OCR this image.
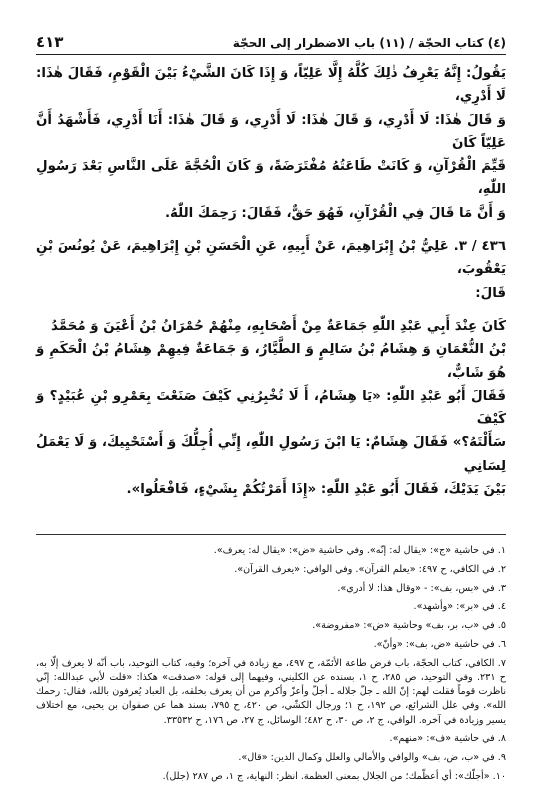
(٤) كتاب الحجّة / (١١) باب الاضطرار إلى الحجّة
٤١٣

يَقُولُ: إِنَّهُ يَعْرِفُ ذٰلِكَ كُلَّهُ إِلَّا عَلِيّاً، وَ إِذَا كَانَ الشَّيْءُ بَيْنَ الْقَوْمِ، فَقَالَ هٰذَا: لَا أَدْرِي،

وَ قَالَ هٰذَا: لَا أَدْرِي، وَ قَالَ هٰذَا: لَا أَدْرِي، وَ قَالَ هٰذَا: أَنَا أَدْرِي، فَأَشْهَدُ أَنَّ عَلِيّاً كَانَ

قَيِّمَ الْقُرْآنِ، وَ كَانَتْ طَاعَتُهُ مُفْتَرَضَةً، وَ كَانَ الْحُجَّةَ عَلَى النَّاسِ بَعْدَ رَسُولِ اللّٰهِ،

وَ أَنَّ مَا قَالَ فِي الْقُرْآنِ، فَهُوَ حَقٌّ، فَقَالَ: رَحِمَكَ اللّٰهُ.

٤٣٦ / ٣. عَلِيُّ بْنُ إِبْرَاهِيمَ، عَنْ أَبِيهِ، عَنِ الْحَسَنِ بْنِ إِبْرَاهِيمَ، عَنْ يُونُسَ بْنِ يَعْقُوبَ،

قَالَ:

كَانَ عِنْدَ أَبِي عَبْدِ اللّٰهِ جَمَاعَةٌ مِنْ أَصْحَابِهِ، مِنْهُمْ حُمْرَانُ بْنُ أَعْيَنَ وَ مُحَمَّدُ

بْنُ النُّعْمَانِ وَ هِشَامُ بْنُ سَالِمٍ وَ الطَّيَّارُ، وَ جَمَاعَةٌ فِيهِمْ هِشَامُ بْنُ الْحَكَمِ وَ هُوَ شَابٌّ،

فَقَالَ أَبُو عَبْدِ اللّٰهِ: «يَا هِشَامُ، أَ لَا تُخْبِرُنِي كَيْفَ صَنَعْتَ بِعَمْرِو بْنِ عُبَيْدٍ؟ وَ كَيْفَ

سَأَلْتَهُ؟» فَقَالَ هِشَامٌ: يَا ابْنَ رَسُولِ اللّٰهِ، إِنِّي أُجِلُّكَ وَ أَسْتَحْيِيكَ، وَ لَا يَعْمَلُ لِسَانِي

بَيْنَ يَدَيْكَ، فَقَالَ أَبُو عَبْدِ اللّٰهِ: «إِذَا أَمَرْتُكُمْ بِشَيْءٍ، فَافْعَلُوا».

١. في حاشية «ج»: «يقال له: إنّه». وفي حاشية «ض»: «يقال له: يعرف».

٢. في الكافي، ح ٤٩٧: «يعلم القرآن». وفي الوافي: «يعرف القرآن».

٣. في «بس، بف»: - «وقال هذا: لا أدري».

٤. في «بر»: «وأشهد».

٥. في «ب، بر، بف» وحاشية «ض»: «مفروضة».

٦. في حاشية «ض، بف»: «وأنّ».

٧. الكافي، كتاب الحجّة، باب فرض طاعة الأئمّة، ح ٤٩٧، مع زيادة في آخره؛ وفيه، كتاب التوحيد، باب أنّه لا يعرف إلّا به، ح ٢٣١. وفي التوحيد، ص ٢٨٥، ح ١، بسنده عن الكليني، وفيهما إلى قوله: «صدقت» هكذا: «قلت لأبي عبدالله: إنّي ناظرت قوماً فقلت لهم: إنّ الله ـ جلّ جلاله ـ أجلّ وأعزّ وأكرم من أن يعرف بخلقه، بل العباد يُعرفون بالله، فقال: رحمك الله». وفي علل الشرائع، ص ١٩٢، ح ١؛ ورجال الكشّي، ص ٤٢٠، ح ٧٩٥، بسند هما عن صفوان بن يحيى، مع اختلاف يسير وزيادة في آخره. الوافي، ج ٢، ص ٣٠، ح ٤٨٢؛ الوسائل، ج ٢٧، ص ١٧٦، ح ٣٣٥٣٢.

٨. في حاشية «ف»: «منهم».

٩. في «ب، ض، بف» والوافي والأمالي والعلل وكمال الدين: «قال».

١٠. «أجلّك»: أي أعظّمك؛ من الجلال بمعنى العظمة. انظر: النهاية، ج ١، ص ٢٨٧ (جلل).
